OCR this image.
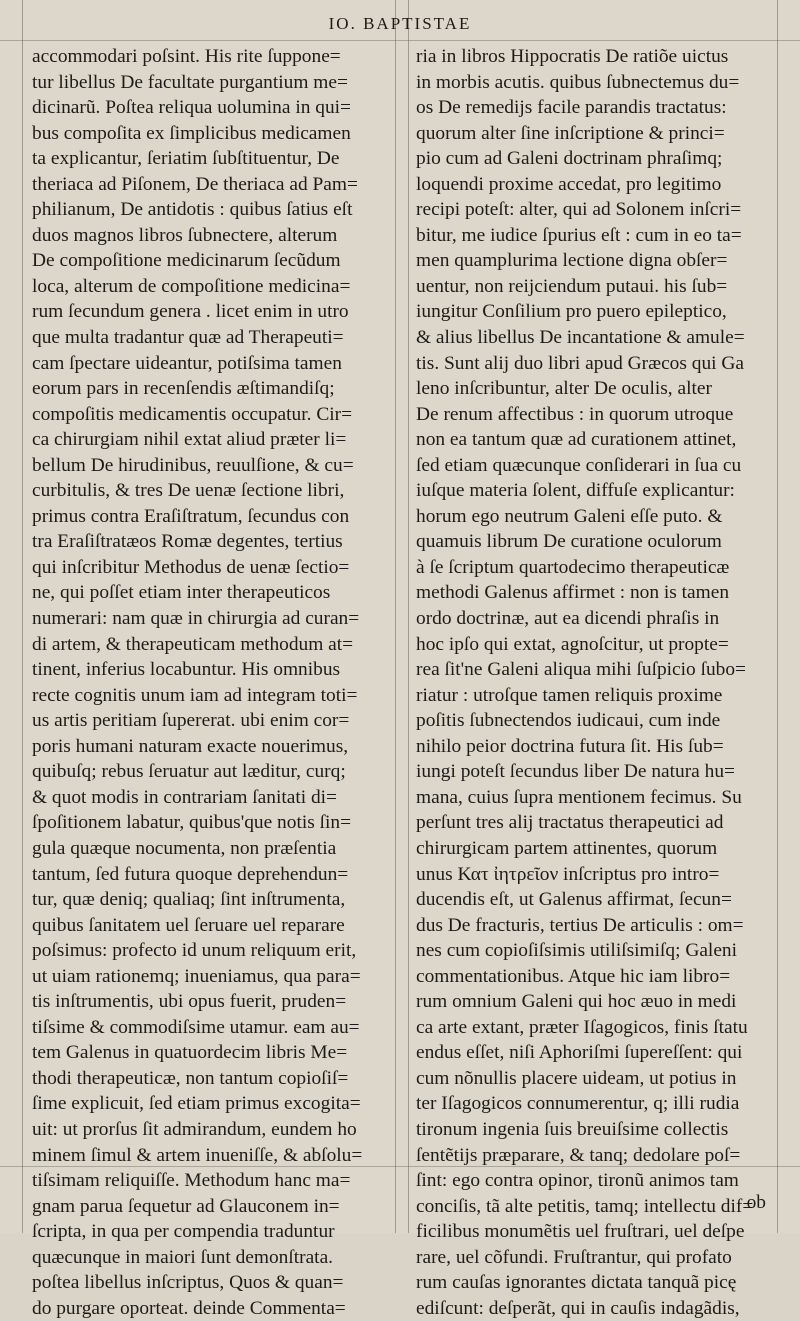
IO. BAPTISTAE
accommodari poſsint. His rite ſuppone=
tur libellus De facultate purgantium me=
dicinarũ. Poſtea reliqua uolumina in qui=
bus compoſita ex ſimplicibus medicamen
ta explicantur, ſeriatim ſubſtituentur, De
theriaca ad Piſonem, De theriaca ad Pam=
philianum, De antidotis : quibus ſatius eſt
duos magnos libros ſubnectere, alterum
De compoſitione medicinarum ſecũdum
loca, alterum de compoſitione medicina=
rum ſecundum genera . licet enim in utro
que multa tradantur quæ ad Therapeuti=
cam ſpectare uideantur, potiſsima tamen
eorum pars in recenſendis æſtimandiſq;
compoſitis medicamentis occupatur. Cir=
ca chirurgiam nihil extat aliud præter li=
bellum De hirudinibus, reuulſione, & cu=
curbitulis, & tres De uenæ ſectione libri,
primus contra Eraſiſtratum, ſecundus con
tra Eraſiſtratæos Romæ degentes, tertius
qui inſcribitur Methodus de uenæ ſectio=
ne, qui poſſet etiam inter therapeuticos
numerari: nam quæ in chirurgia ad curan=
di artem, & therapeuticam methodum at=
tinent, inferius locabuntur. His omnibus
recte cognitis unum iam ad integram toti=
us artis peritiam ſupererat. ubi enim cor=
poris humani naturam exacte nouerimus,
quibuſq; rebus ſeruatur aut læditur, curq;
& quot modis in contrariam ſanitati di=
ſpoſitionem labatur, quibus'que notis ſin=
gula quæque nocumenta, non præſentia
tantum, ſed futura quoque deprehendun=
tur, quæ deniq; qualiaq; ſint inſtrumenta,
quibus ſanitatem uel ſeruare uel reparare
poſsimus: profecto id unum reliquum erit,
ut uiam rationemq; inueniamus, qua para=
tis inſtrumentis, ubi opus fuerit, pruden=
tiſsime & commodiſsime utamur. eam au=
tem Galenus in quatuordecim libris Me=
thodi therapeuticæ, non tantum copioſiſ=
ſime explicuit, ſed etiam primus excogita=
uit: ut prorſus ſit admirandum, eundem ho
minem ſimul & artem inueniſſe, & abſolu=
tiſsimam reliquiſſe. Methodum hanc ma=
gnam parua ſequetur ad Glauconem in=
ſcripta, in qua per compendia traduntur
quæcunque in maiori ſunt demonſtrata.
poſtea libellus inſcriptus, Quos & quan=
do purgare oporteat. deinde Commenta=
ria in libros Hippocratis De ratiõe uictus
in morbis acutis. quibus ſubnectemus du=
os De remedijs facile parandis tractatus:
quorum alter ſine inſcriptione & princi=
pio cum ad Galeni doctrinam phraſimq;
loquendi proxime accedat, pro legitimo
recipi poteſt: alter, qui ad Solonem inſcri=
bitur, me iudice ſpurius eſt : cum in eo ta=
men quamplurima lectione digna obſer=
uentur, non reijciendum putaui. his ſub=
iungitur Conſilium pro puero epileptico,
& alius libellus De incantatione & amule=
tis. Sunt alij duo libri apud Græcos qui Ga
leno inſcribuntur, alter De oculis, alter
De renum affectibus : in quorum utroque
non ea tantum quæ ad curationem attinet,
ſed etiam quæcunque conſiderari in ſua cu
iuſque materia ſolent, diffuſe explicantur:
horum ego neutrum Galeni eſſe puto. &
quamuis librum De curatione oculorum
à ſe ſcriptum quartodecimo therapeuticæ
methodi Galenus affirmet : non is tamen
ordo doctrinæ, aut ea dicendi phraſis in
hoc ipſo qui extat, agnoſcitur, ut propte=
rea ſit'ne Galeni aliqua mihi ſuſpicio ſubo=
riatur : utroſque tamen reliquis proxime
poſitis ſubnectendos iudicaui, cum inde
nihilo peior doctrina futura ſit. His ſub=
iungi poteſt ſecundus liber De natura hu=
mana, cuius ſupra mentionem fecimus. Su
perſunt tres alij tractatus therapeutici ad
chirurgicam partem attinentes, quorum
unus Κατ ἰητρεῖον inſcriptus pro intro=
ducendis eſt, ut Galenus affirmat, ſecun=
dus De fracturis, tertius De articulis : om=
nes cum copioſiſsimis utiliſsimiſq; Galeni
commentationibus. Atque hic iam libro=
rum omnium Galeni qui hoc æuo in medi
ca arte extant, præter Iſagogicos, finis ſtatu
endus eſſet, niſi Aphoriſmi ſupereſſent: qui
cum nõnullis placere uideam, ut potius in
ter Iſagogicos connumerentur, q; illi rudia
tironum ingenia ſuis breuiſsime collectis
ſentẽtijs præparare, & tanq; dedolare poſ=
ſint: ego contra opinor, tironũ animos tam
conciſis, tã alte petitis, tamq; intellectu dif=
ficilibus monumẽtis uel fruſtrari, uel deſpe
rare, uel cõfundi. Fruſtrantur, qui profato
rum cauſas ignorantes dictata tanquã picę
ediſcunt: deſperãt, qui in cauſis indagãdis,
ob
